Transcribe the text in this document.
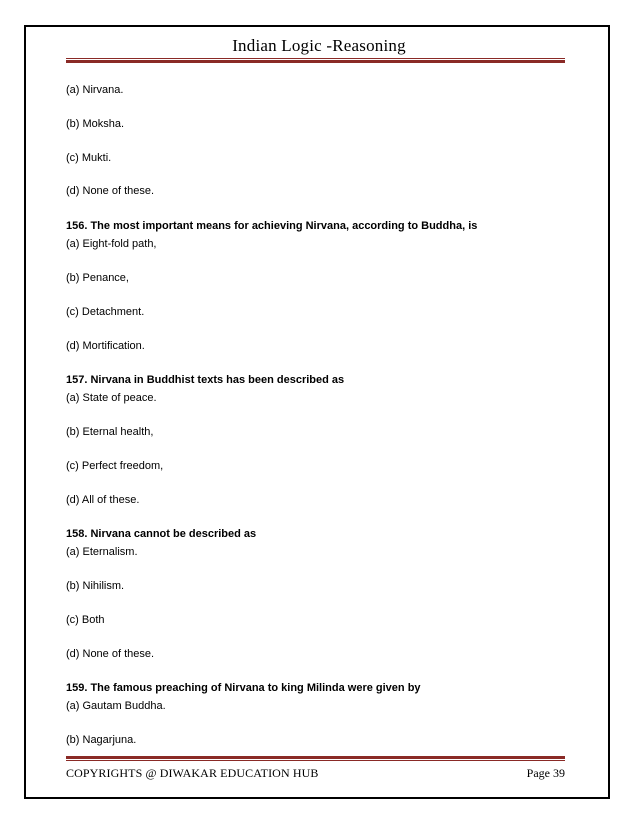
Indian Logic -Reasoning
(a) Nirvana.
(b) Moksha.
(c) Mukti.
(d) None of these.
156. The most important means for achieving Nirvana, according to Buddha, is
(a) Eight-fold path,
(b) Penance,
(c) Detachment.
(d) Mortification.
157. Nirvana in Buddhist texts has been described as
(a) State of peace.
(b) Eternal health,
(c) Perfect freedom,
(d) All of these.
158. Nirvana cannot be described as
(a) Eternalism.
(b) Nihilism.
(c) Both
(d) None of these.
159. The famous preaching of Nirvana to king Milinda were given by
(a) Gautam Buddha.
(b) Nagarjuna.
COPYRIGHTS @ DIWAKAR EDUCATION HUB	Page 39
